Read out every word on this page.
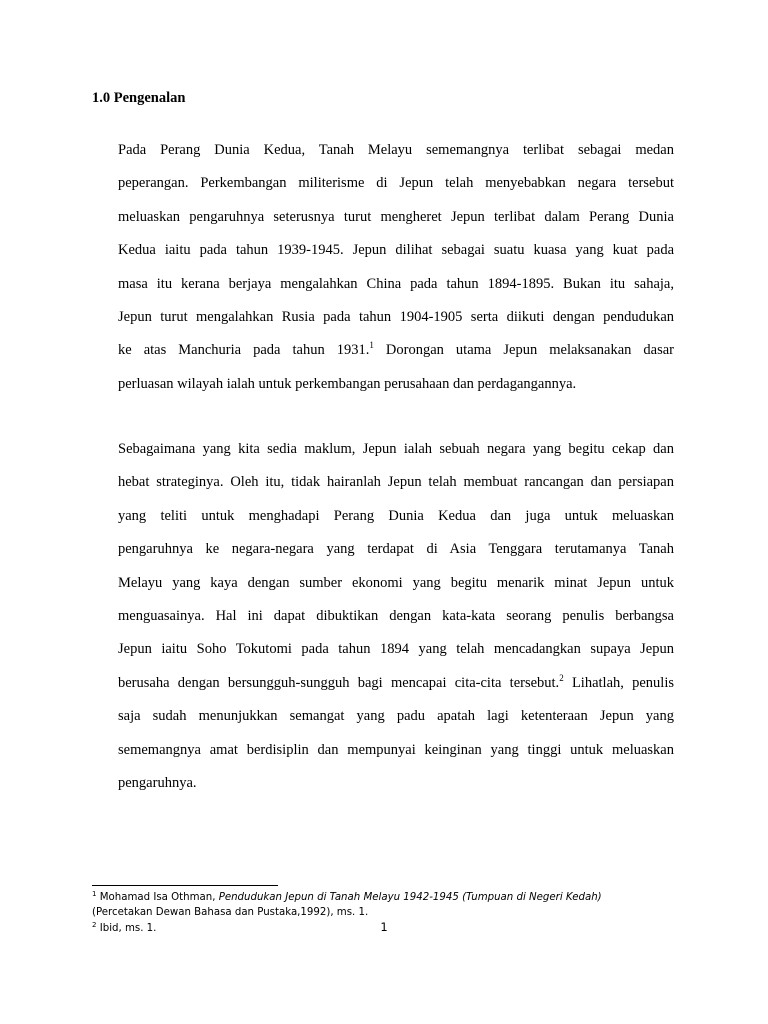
1.0 Pengenalan
Pada Perang Dunia Kedua, Tanah Melayu sememangnya terlibat sebagai medan
peperangan. Perkembangan militerisme di Jepun telah menyebabkan negara tersebut
meluaskan pengaruhnya seterusnya turut mengheret Jepun terlibat dalam Perang Dunia
Kedua iaitu pada tahun 1939-1945. Jepun dilihat sebagai suatu kuasa yang kuat pada
masa itu kerana berjaya mengalahkan China pada tahun 1894-1895. Bukan itu sahaja,
Jepun turut mengalahkan Rusia pada tahun 1904-1905 serta diikuti dengan pendudukan
ke atas Manchuria pada tahun 1931.$^1$ Dorongan utama Jepun melaksanakan dasar
perluasan wilayah ialah untuk perkembangan perusahaan dan perdagangannya.
Sebagaimana yang kita sedia maklum, Jepun ialah sebuah negara yang begitu cekap dan
hebat strateginya. Oleh itu, tidak hairanlah Jepun telah membuat rancangan dan persiapan
yang teliti untuk menghadapi Perang Dunia Kedua dan juga untuk meluaskan
pengaruhnya ke negara-negara yang terdapat di Asia Tenggara terutamanya Tanah
Melayu yang kaya dengan sumber ekonomi yang begitu menarik minat Jepun untuk
menguasainya. Hal ini dapat dibuktikan dengan kata-kata seorang penulis berbangsa
Jepun iaitu Soho Tokutomi pada tahun 1894 yang telah mencadangkan supaya Jepun
berusaha dengan bersungguh-sungguh bagi mencapai cita-cita tersebut.$^2$ Lihatlah, penulis
saja sudah menunjukkan semangat yang padu apatah lagi ketenteraan Jepun yang
sememangnya amat berdisiplin dan mempunyai keinginan yang tinggi untuk meluaskan
pengaruhnya.
$^1$ Mohamad Isa Othman, Pendudukan Jepun di Tanah Melayu 1942-1945 (Tumpuan di Negeri Kedah)
(Percetakan Dewan Bahasa dan Pustaka,1992), ms. 1.
$^2$ Ibid, ms. 1.	1
